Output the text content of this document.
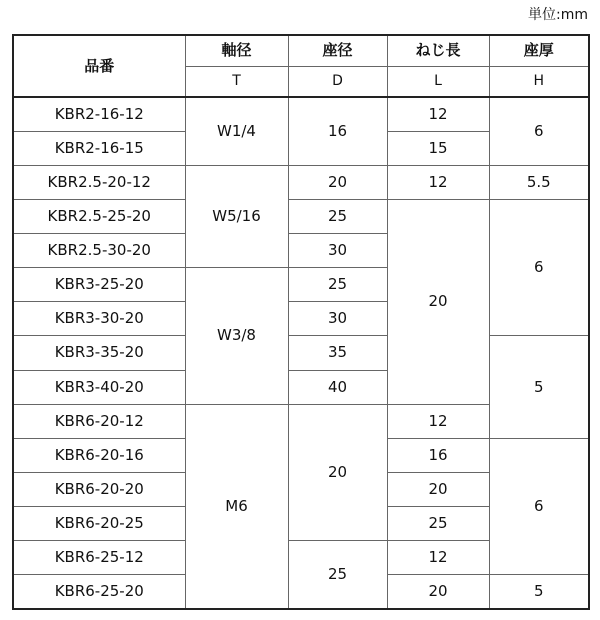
単位:mm
品番	軸径	座径	ねじ長	座厚
	T	D	L	H
KBR2-16-12	W1/4	16	12	6
KBR2-16-15			15	
KBR2.5-20-12	W5/16	20	12	5.5
KBR2.5-25-20		25	20	6
KBR2.5-30-20		30		
KBR3-25-20	W3/8	25		
KBR3-30-20		30		
KBR3-35-20		35		5
KBR3-40-20		40		
KBR6-20-12	M6	20	12	
KBR6-20-16			16	6
KBR6-20-20			20	
KBR6-20-25			25	
KBR6-25-12		25	12	
KBR6-25-20			20	5
